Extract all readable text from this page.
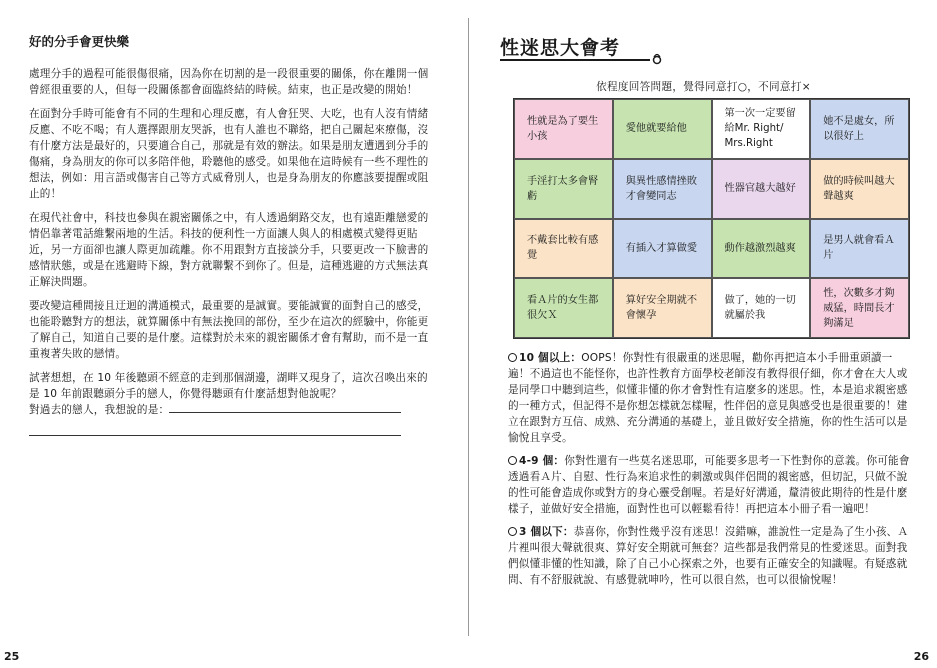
好的分手會更快樂

處理分手的過程可能很傷很痛，因為你在切割的是一段很重要的關係，你在離開一個曾經很重要的人，但每一段關係都會面臨終結的時候。結束，也正是改變的開始！

在面對分手時可能會有不同的生理和心理反應，有人會狂哭、大吃，也有人沒有情緒反應、不吃不喝；有人選擇跟朋友哭訴，也有人誰也不聯絡，把自己關起來療傷，沒有什麼方法是最好的，只要適合自己，那就是有效的辦法。如果是朋友遭遇到分手的傷痛，身為朋友的你可以多陪伴他，聆聽他的感受。如果他在這時候有一些不理性的想法，例如：用言語或傷害自己等方式威脅別人，也是身為朋友的你應該要提醒或阻止的！

在現代社會中，科技也參與在親密關係之中，有人透過網路交友，也有遠距離戀愛的情侶靠著電話維繫兩地的生活。科技的便利性一方面讓人與人的相處模式變得更貼近，另一方面卻也讓人際更加疏離。你不用跟對方直接談分手，只要更改一下臉書的感情狀態，或是在逃避時下線，對方就聯繫不到你了。但是，這種逃避的方式無法真正解決問題。

要改變這種間接且迂迴的溝通模式，最重要的是誠實。要能誠實的面對自己的感受，也能聆聽對方的想法，就算關係中有無法挽回的部份，至少在這次的經驗中，你能更了解自己，知道自己要的是什麼。這樣對於未來的親密關係才會有幫助，而不是一直重複著失敗的戀情。

試著想想，在 10 年後聽頭不經意的走到那個湖邊，湖畔又現身了，這次召喚出來的是 10 年前跟聽頭分手的戀人，你覺得聽頭有什麼話想對他說呢？
對過去的戀人，我想說的是：

25
性迷思大會考
依程度回答問題，覺得同意打○，不同意打×
性就是為了要生小孩
愛他就要給他
第一次一定要留給Mr. Right/ Mrs.Right
她不是處女，所以很好上
手淫打太多會腎虧
與異性感情挫敗才會變同志
性器官越大越好
做的時候叫越大聲越爽
不戴套比較有感覺
有插入才算做愛	動作越激烈越爽
是男人就會看Ａ片
看Ａ片的女生都很欠Ｘ
算好安全期就不會懷孕
做了，她的一切就屬於我
性，次數多才夠威猛，時間長才夠滿足

10 個以上：OOPS！你對性有很嚴重的迷思喔，勸你再把這本小手冊重頭讀一遍！不過這也不能怪你，也許性教育方面學校老師沒有教得很仔細，你才會在大人或是同學口中聽到這些，似懂非懂的你才會對性有這麼多的迷思。性，本是追求親密感的一種方式，但記得不是你想怎樣就怎樣喔，性伴侶的意見與感受也是很重要的！建立在跟對方互信、成熟、充分溝通的基礎上，並且做好安全措施，你的性生活可以是愉悅且享受。

4-9 個：你對性還有一些莫名迷思耶，可能要多思考一下性對你的意義。你可能會透過看Ａ片、自慰、性行為來追求性的刺激或與伴侶間的親密感，但切記，只做不說的性可能會造成你或對方的身心靈受創喔。若是好好溝通，釐清彼此期待的性是什麼樣子，並做好安全措施，面對性也可以輕鬆看待！再把這本小冊子看一遍吧！

3 個以下：恭喜你，你對性幾乎沒有迷思！沒錯嘛，誰說性一定是為了生小孩、Ａ片裡叫很大聲就很爽、算好安全期就可無套？這些都是我們常見的性愛迷思。面對我們似懂非懂的性知識，除了自己小心探索之外，也要有正確安全的知識喔。有疑惑就問、有不舒服就說、有感覺就呻吟，性可以很自然，也可以很愉悅喔！

26
